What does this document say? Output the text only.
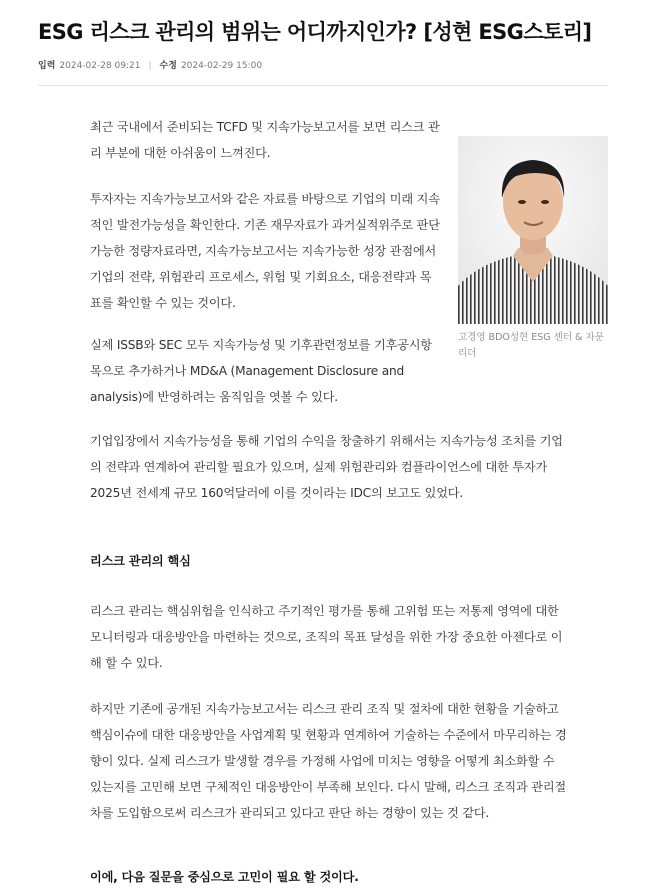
ESG 리스크 관리의 범위는 어디까지인가? [성현 ESG스토리]
입력 2024-02-28 09:21 | 수정 2024-02-29 15:00

최근 국내에서 준비되는 TCFD 및 지속가능보고서를 보면 리스크 관리 부분에 대한 아쉬움이 느껴진다.

투자자는 지속가능보고서와 같은 자료를 바탕으로 기업의 미래 지속적인 발전가능성을 확인한다. 기존 재무자료가 과거실적위주로 판단 가능한 정량자료라면, 지속가능보고서는 지속가능한 성장 관점에서 기업의 전략, 위험관리 프로세스, 위험 및 기회요소, 대응전략과 목표를 확인할 수 있는 것이다.

실제 ISSB와 SEC 모두 지속가능성 및 기후관련정보를 기후공시항목으로 추가하거나 MD&A (Management Disclosure and analysis)에 반영하려는 움직임을 엿볼 수 있다.

기업입장에서 지속가능성을 통해 기업의 수익을 창출하기 위해서는 지속가능성 조치를 기업의 전략과 연계하여 관리할 필요가 있으며, 실제 위험관리와 컴플라이언스에 대한 투자가 2025년 전세계 규모 160억달러에 이를 것이라는 IDC의 보고도 있었다.

리스크 관리의 핵심

리스크 관리는 핵심위험을 인식하고 주기적인 평가를 통해 고위험 또는 저통제 영역에 대한 모니터링과 대응방안을 마련하는 것으로, 조직의 목표 달성을 위한 가장 중요한 아젠다로 이해 할 수 있다.

하지만 기존에 공개된 지속가능보고서는 리스크 관리 조직 및 절차에 대한 현황을 기술하고 핵심이슈에 대한 대응방안을 사업계획 및 현황과 연계하여 기술하는 수준에서 마무리하는 경향이 있다. 실제 리스크가 발생할 경우를 가정해 사업에 미치는 영향을 어떻게 최소화할 수 있는지를 고민해 보면 구체적인 대응방안이 부족해 보인다. 다시 말해, 리스크 조직과 관리절차를 도입함으로써 리스크가 관리되고 있다고 판단 하는 경향이 있는 것 같다.

이에, 다음 질문을 중심으로 고민이 필요 할 것이다.

고경영 BDO성현 ESG 센터 & 자문 리더
